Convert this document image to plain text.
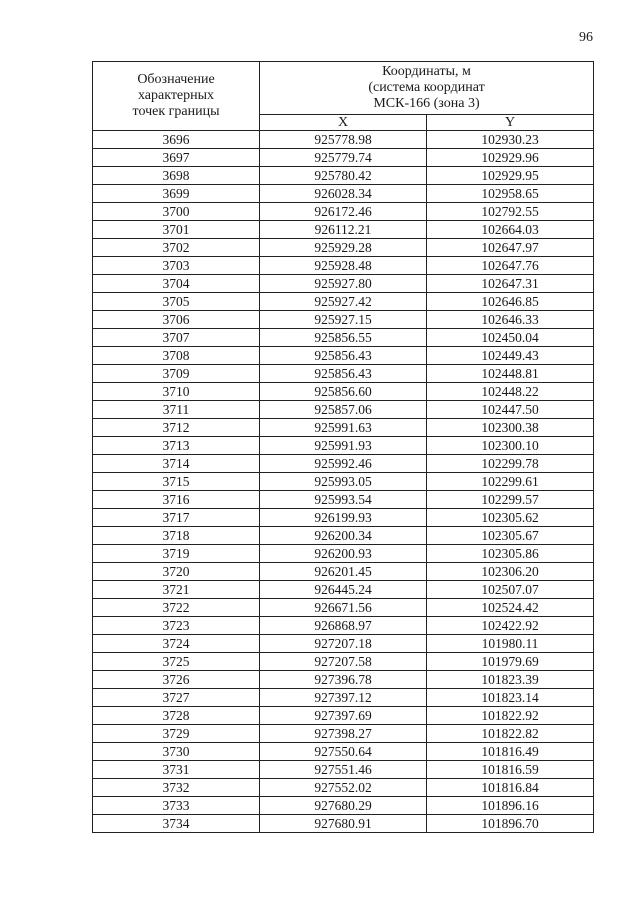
96
Обозначение
характерных
точек границы	Координаты, м
(система координат
МСК-166 (зона 3)	

	X	Y
3696	925778.98	102930.23
3697	925779.74	102929.96
3698	925780.42	102929.95
3699	926028.34	102958.65
3700	926172.46	102792.55
3701	926112.21	102664.03
3702	925929.28	102647.97
3703	925928.48	102647.76
3704	925927.80	102647.31
3705	925927.42	102646.85
3706	925927.15	102646.33
3707	925856.55	102450.04
3708	925856.43	102449.43
3709	925856.43	102448.81
3710	925856.60	102448.22
3711	925857.06	102447.50
3712	925991.63	102300.38
3713	925991.93	102300.10
3714	925992.46	102299.78
3715	925993.05	102299.61
3716	925993.54	102299.57
3717	926199.93	102305.62
3718	926200.34	102305.67
3719	926200.93	102305.86
3720	926201.45	102306.20
3721	926445.24	102507.07
3722	926671.56	102524.42
3723	926868.97	102422.92
3724	927207.18	101980.11
3725	927207.58	101979.69
3726	927396.78	101823.39
3727	927397.12	101823.14
3728	927397.69	101822.92
3729	927398.27	101822.82
3730	927550.64	101816.49
3731	927551.46	101816.59
3732	927552.02	101816.84
3733	927680.29	101896.16
3734	927680.91	101896.70
